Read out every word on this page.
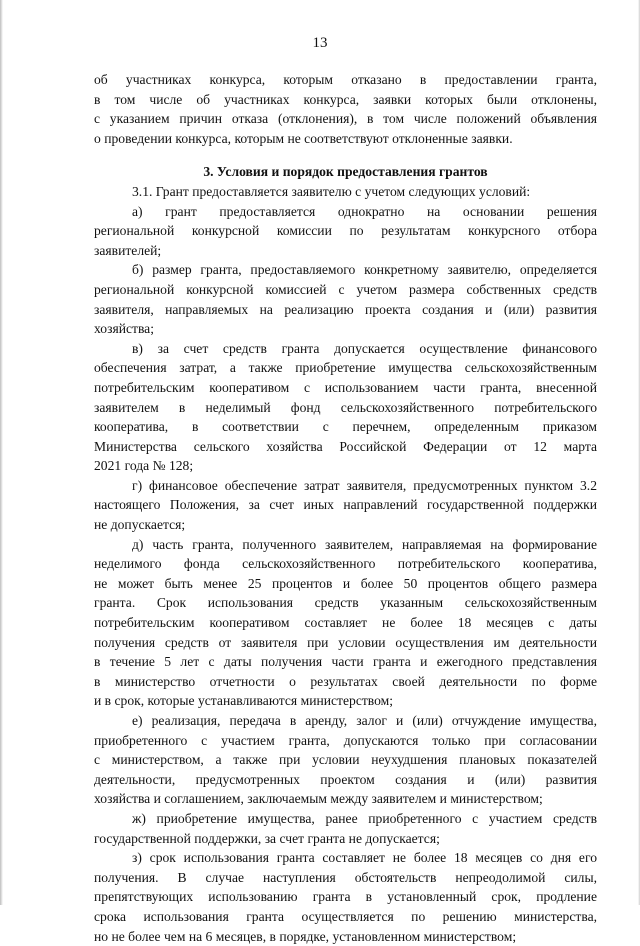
13
об участниках конкурса, которым отказано в предоставлении гранта,
в том числе об участниках конкурса, заявки которых были отклонены,
с указанием причин отказа (отклонения), в том числе положений объявления
о проведении конкурса, которым не соответствуют отклоненные заявки.
3. Условия и порядок предоставления грантов
3.1. Грант предоставляется заявителю с учетом следующих условий:
а) грант предоставляется однократно на основании решения
региональной конкурсной комиссии по результатам конкурсного отбора
заявителей;
б) размер гранта, предоставляемого конкретному заявителю, определяется
региональной конкурсной комиссией с учетом размера собственных средств
заявителя, направляемых на реализацию проекта создания и (или) развития
хозяйства;
в) за счет средств гранта допускается осуществление финансового
обеспечения затрат, а также приобретение имущества сельскохозяйственным
потребительским кооперативом с использованием части гранта, внесенной
заявителем в неделимый фонд сельскохозяйственного потребительского
кооператива, в соответствии с перечнем, определенным приказом
Министерства сельского хозяйства Российской Федерации от 12 марта
2021 года № 128;
г) финансовое обеспечение затрат заявителя, предусмотренных пунктом 3.2
настоящего Положения, за счет иных направлений государственной поддержки
не допускается;
д) часть гранта, полученного заявителем, направляемая на формирование
неделимого фонда сельскохозяйственного потребительского кооператива,
не может быть менее 25 процентов и более 50 процентов общего размера
гранта. Срок использования средств указанным сельскохозяйственным
потребительским кооперативом составляет не более 18 месяцев с даты
получения средств от заявителя при условии осуществления им деятельности
в течение 5 лет с даты получения части гранта и ежегодного представления
в министерство отчетности о результатах своей деятельности по форме
и в срок, которые устанавливаются министерством;
е) реализация, передача в аренду, залог и (или) отчуждение имущества,
приобретенного с участием гранта, допускаются только при согласовании
с министерством, а также при условии неухудшения плановых показателей
деятельности, предусмотренных проектом создания и (или) развития
хозяйства и соглашением, заключаемым между заявителем и министерством;
ж) приобретение имущества, ранее приобретенного с участием средств
государственной поддержки, за счет гранта не допускается;
з) срок использования гранта составляет не более 18 месяцев со дня его
получения. В случае наступления обстоятельств непреодолимой силы,
препятствующих использованию гранта в установленный срок, продление
срока использования гранта осуществляется по решению министерства,
но не более чем на 6 месяцев, в порядке, установленном министерством;
